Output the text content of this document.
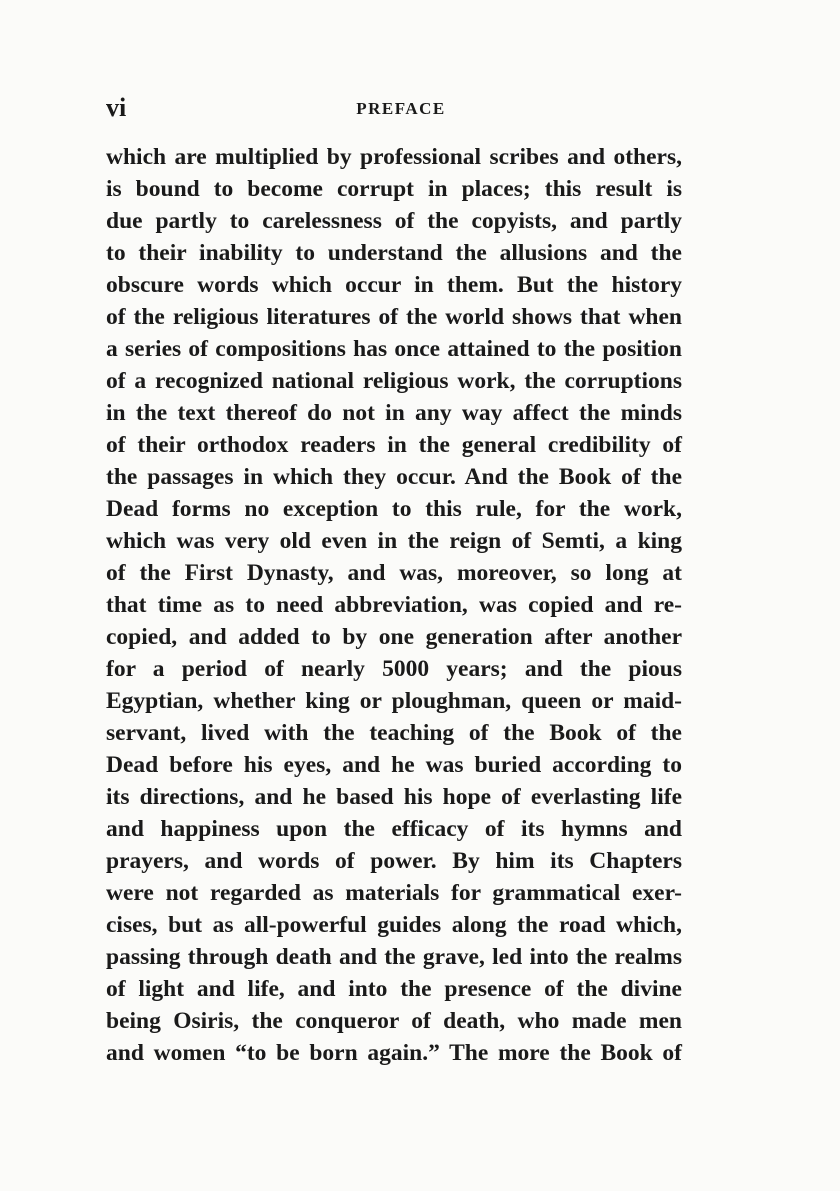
vi	PREFACE
which are multiplied by professional scribes and others,
is bound to become corrupt in places; this result is
due partly to carelessness of the copyists, and partly
to their inability to understand the allusions and the
obscure words which occur in them. But the history
of the religious literatures of the world shows that when
a series of compositions has once attained to the position
of a recognized national religious work, the corruptions
in the text thereof do not in any way affect the minds
of their orthodox readers in the general credibility of
the passages in which they occur. And the Book of the
Dead forms no exception to this rule, for the work,
which was very old even in the reign of Semti, a king
of the First Dynasty, and was, moreover, so long at
that time as to need abbreviation, was copied and re-
copied, and added to by one generation after another
for a period of nearly 5000 years; and the pious
Egyptian, whether king or ploughman, queen or maid-
servant, lived with the teaching of the Book of the
Dead before his eyes, and he was buried according to
its directions, and he based his hope of everlasting life
and happiness upon the efficacy of its hymns and
prayers, and words of power. By him its Chapters
were not regarded as materials for grammatical exer-
cises, but as all-powerful guides along the road which,
passing through death and the grave, led into the realms
of light and life, and into the presence of the divine
being Osiris, the conqueror of death, who made men
and women “to be born again.” The more the Book of
